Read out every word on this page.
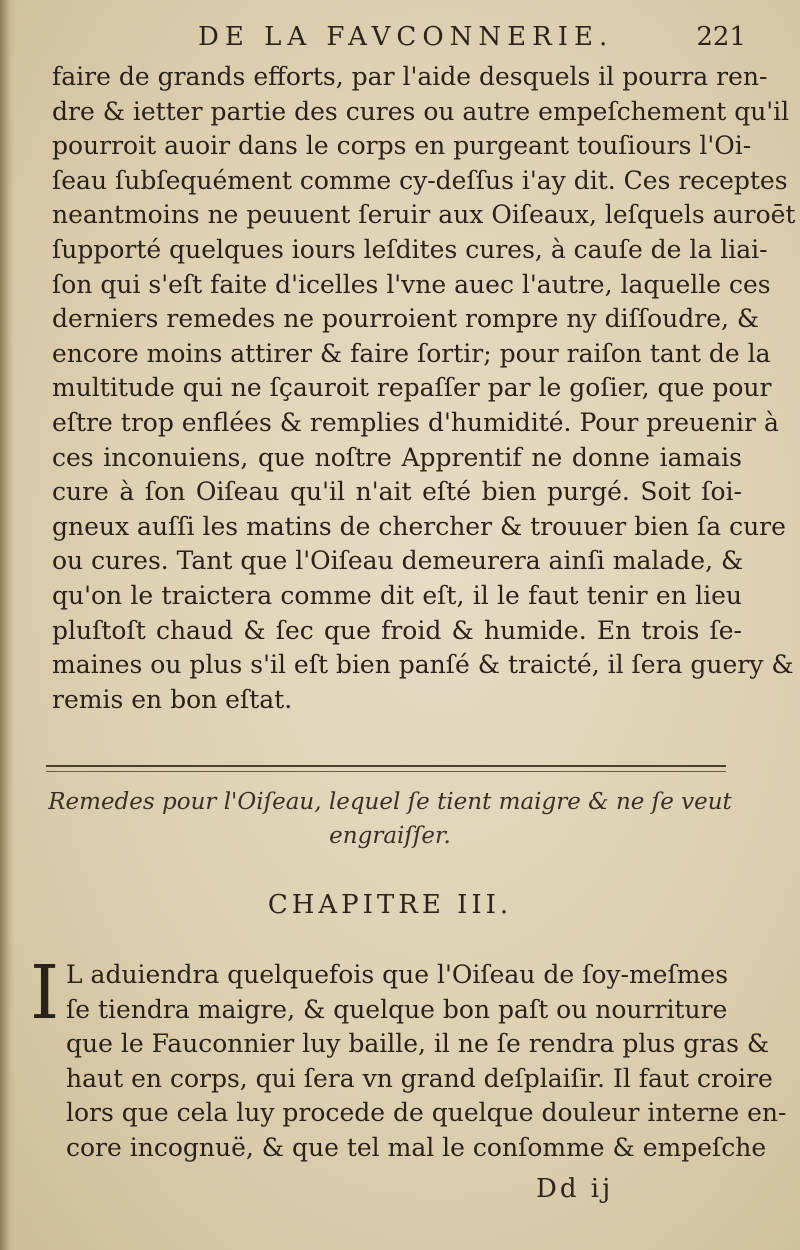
DE LA FAVCONNERIE.	221
faire de grands efforts, par l'aide desquels il pourra ren-
dre & ietter partie des cures ou autre empeſchement qu'il
pourroit auoir dans le corps en purgeant touſiours l'Oi-
ſeau ſubſequément comme cy-deſſus i'ay dit. Ces receptes
neantmoins ne peuuent ſeruir aux Oiſeaux, leſquels auroēt
ſupporté quelques iours leſdites cures, à cauſe de la liai-
ſon qui s'eſt faite d'icelles l'vne auec l'autre, laquelle ces
derniers remedes ne pourroient rompre ny diſſoudre, &
encore moins attirer & faire ſortir; pour raiſon tant de la
multitude qui ne ſçauroit repaſſer par le goſier, que pour
eſtre trop enflées & remplies d'humidité. Pour preuenir à
ces inconuiens, que noſtre Apprentif ne donne iamais
cure à ſon Oiſeau qu'il n'ait eſté bien purgé. Soit ſoi-
gneux auſſi les matins de chercher & trouuer bien ſa cure
ou cures. Tant que l'Oiſeau demeurera ainſi malade, &
qu'on le traictera comme dit eſt, il le faut tenir en lieu
pluſtoſt chaud & ſec que froid & humide. En trois ſe-
maines ou plus s'il eſt bien panſé & traicté, il ſera guery &
remis en bon eſtat.
Remedes pour l'Oiſeau, lequel ſe tient maigre & ne ſe veut
engraiſſer.
CHAPITRE III.
I L aduiendra quelquefois que l'Oiſeau de ſoy-meſmes
ſe tiendra maigre, & quelque bon paſt ou nourriture
que le Fauconnier luy baille, il ne ſe rendra plus gras &
haut en corps, qui ſera vn grand deſplaiſir. Il faut croire
lors que cela luy procede de quelque douleur interne en-
core incognuë, & que tel mal le conſomme & empeſche
Dd ij
